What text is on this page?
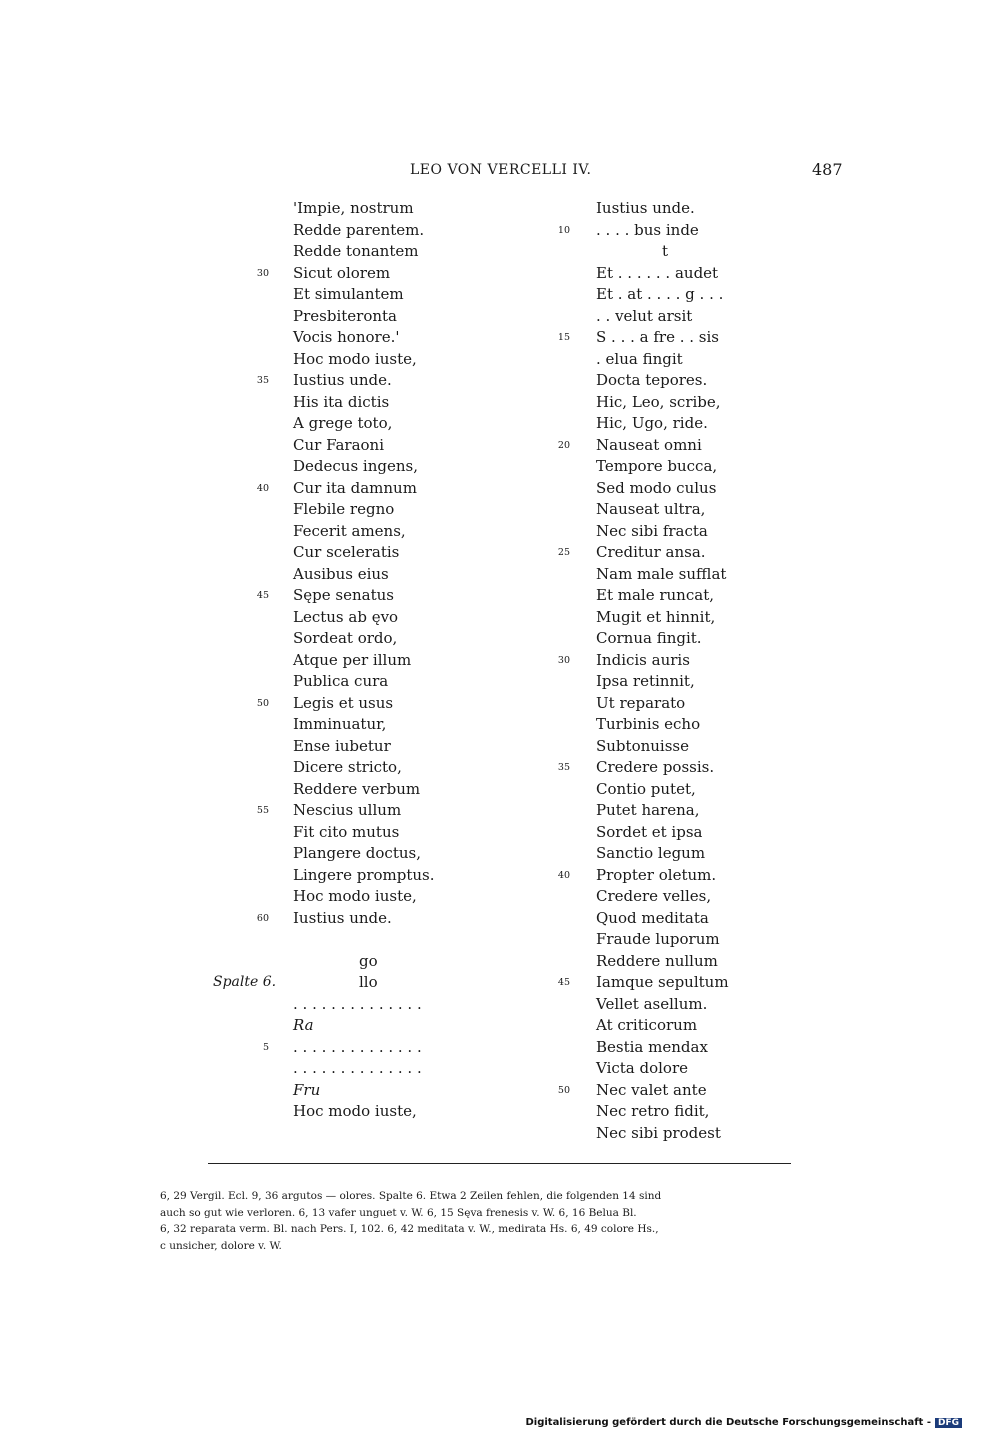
LEO VON VERCELLI IV.	487
'Impie, nostrum
Redde parentem.
Redde tonantem
30 Sicut olorem
Et simulantem
Presbiteronta
Vocis honore.'
Hoc modo iuste,
35 Iustius unde.
His ita dictis
A grege toto,
Cur Faraoni
Dedecus ingens,
40 Cur ita damnum
Flebile regno
Fecerit amens,
Cur sceleratis
Ausibus eius
45 Sępe senatus
Lectus ab ęvo
Sordeat ordo,
Atque per illum
Publica cura
50 Legis et usus
Imminuatur,
Ense iubetur
Dicere stricto,
Reddere verbum
55 Nescius ullum
Fit cito mutus
Plangere doctus,
Lingere promptus.
Hoc modo iuste,
60 Iustius unde.
go
llo
. . . . . . . . . . . . . .
Ra
5 . . . . . . . . . . . . . .
. . . . . . . . . . . . . .
Fru
Hoc modo iuste,
Iustius unde.
10 . . . . bus inde
t
Et . . . . . . audet
Et . at . . . . g . . .
. . velut arsit
15 S . . . a fre . . sis
. elua fingit
Docta tepores.
Hic, Leo, scribe,
Hic, Ugo, ride.
20 Nauseat omni
Tempore bucca,
Sed modo culus
Nauseat ultra,
Nec sibi fracta
25 Creditur ansa.
Nam male sufflat
Et male runcat,
Mugit et hinnit,
Cornua fingit.
30 Indicis auris
Ipsa retinnit,
Ut reparato
Turbinis echo
Subtonuisse
35 Credere possis.
Contio putet,
Putet harena,
Sordet et ipsa
Sanctio legum
40 Propter oletum.
Credere velles,
Quod meditata
Fraude luporum
Reddere nullum
45 Iamque sepultum
Vellet asellum.
At criticorum
Bestia mendax
Victa dolore
50 Nec valet ante
Nec retro fidit,
Nec sibi prodest
Spalte 6.
6, 29 Vergil. Ecl. 9, 36 argutos — olores. Spalte 6. Etwa 2 Zeilen fehlen, die folgenden 14 sind
auch so gut wie verloren. 6, 13 vafer unguet v. W. 6, 15 Sęva frenesis v. W. 6, 16 Belua Bl.
6, 32 reparata verm. Bl. nach Pers. I, 102. 6, 42 meditata v. W., medirata Hs. 6, 49 colore Hs.,
c unsicher, dolore v. W.
Digitalisierung gefördert durch die Deutsche Forschungsgemeinschaft - DFG
